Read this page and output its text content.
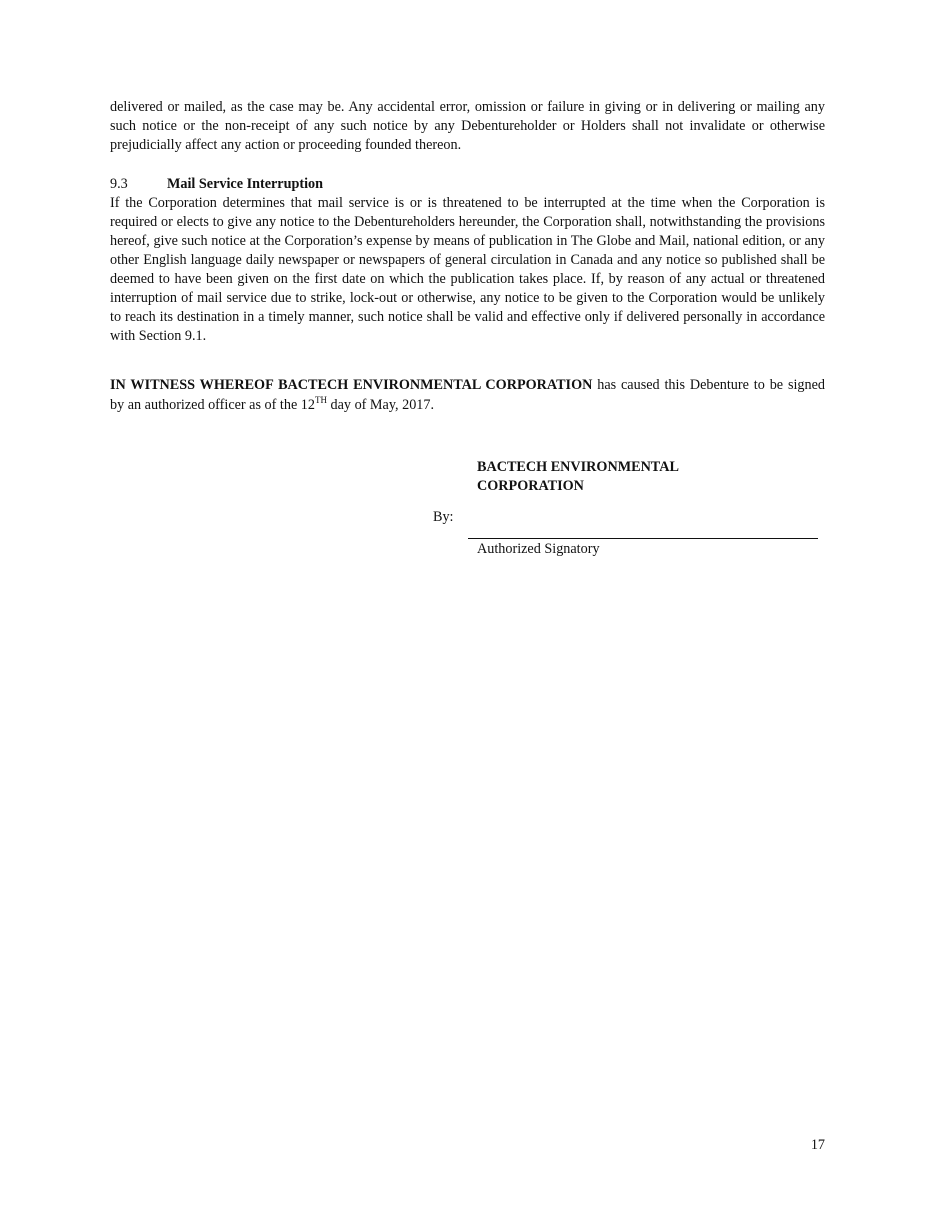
delivered or mailed, as the case may be. Any accidental error, omission or failure in giving or in delivering or mailing any such notice or the non-receipt of any such notice by any Debentureholder or Holders shall not invalidate or otherwise prejudicially affect any action or proceeding founded thereon.

9.3	Mail Service Interruption

If the Corporation determines that mail service is or is threatened to be interrupted at the time when the Corporation is required or elects to give any notice to the Debentureholders hereunder, the Corporation shall, notwithstanding the provisions hereof, give such notice at the Corporation’s expense by means of publication in The Globe and Mail, national edition, or any other English language daily newspaper or newspapers of general circulation in Canada and any notice so published shall be deemed to have been given on the first date on which the publication takes place. If, by reason of any actual or threatened interruption of mail service due to strike, lock-out or otherwise, any notice to be given to the Corporation would be unlikely to reach its destination in a timely manner, such notice shall be valid and effective only if delivered personally in accordance with Section 9.1.

IN WITNESS WHEREOF BACTECH ENVIRONMENTAL CORPORATION has caused this Debenture to be signed by an authorized officer as of the 12TH day of May, 2017.

BACTECH ENVIRONMENTAL
CORPORATION
By:
Authorized Signatory
17
